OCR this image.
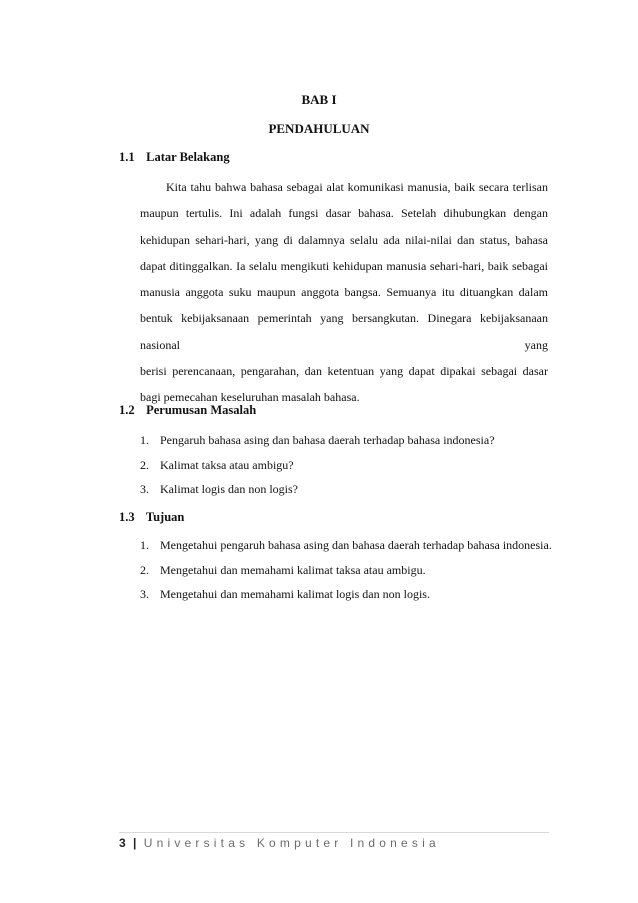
BAB I
PENDAHULUAN
1.1 Latar Belakang
Kita tahu bahwa bahasa sebagai alat komunikasi manusia, baik secara terlisan
maupun tertulis. Ini adalah fungsi dasar bahasa. Setelah dihubungkan dengan
kehidupan sehari-hari, yang di dalamnya selalu ada nilai-nilai dan status, bahasa
dapat ditinggalkan. Ia selalu mengikuti kehidupan manusia sehari-hari, baik sebagai
manusia anggota suku maupun anggota bangsa. Semuanya itu dituangkan dalam
bentuk kebijaksanaan pemerintah yang bersangkutan. Dinegara kebijaksanaan
nasional yang
berisi perencanaan, pengarahan, dan ketentuan yang dapat dipakai sebagai dasar
bagi pemecahan keseluruhan masalah bahasa.
1.2 Perumusan Masalah
1. Pengaruh bahasa asing dan bahasa daerah terhadap bahasa indonesia?
2. Kalimat taksa atau ambigu?
3. Kalimat logis dan non logis?
1.3 Tujuan
1. Mengetahui pengaruh bahasa asing dan bahasa daerah terhadap bahasa indonesia.
2. Mengetahui dan memahami kalimat taksa atau ambigu.
3. Mengetahui dan memahami kalimat logis dan non logis.
3 | Universitas Komputer Indonesia
